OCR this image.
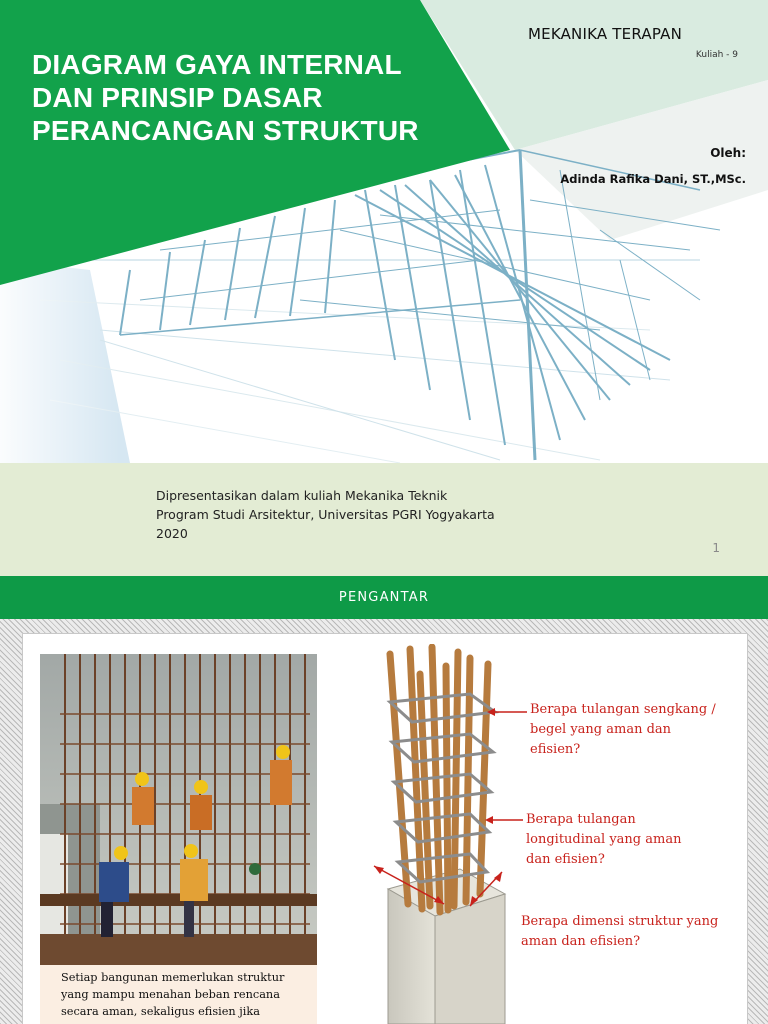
DIAGRAM GAYA INTERNAL
DAN PRINSIP DASAR
PERANCANGAN STRUKTUR
MEKANIKA TERAPAN
Kuliah - 9
Oleh:
Adinda Rafika Dani, ST.,MSc.
Dipresentasikan dalam kuliah Mekanika Teknik
Program Studi Arsitektur, Universitas PGRI Yogyakarta
2020
1
PENGANTAR
Setiap bangunan memerlukan struktur
yang mampu menahan beban rencana
secara aman, sekaligus efisien jika
Berapa tulangan sengkang /
begel yang aman dan
efisien?
Berapa tulangan
longitudinal yang aman
dan efisien?
Berapa dimensi struktur yang
aman dan efisien?
